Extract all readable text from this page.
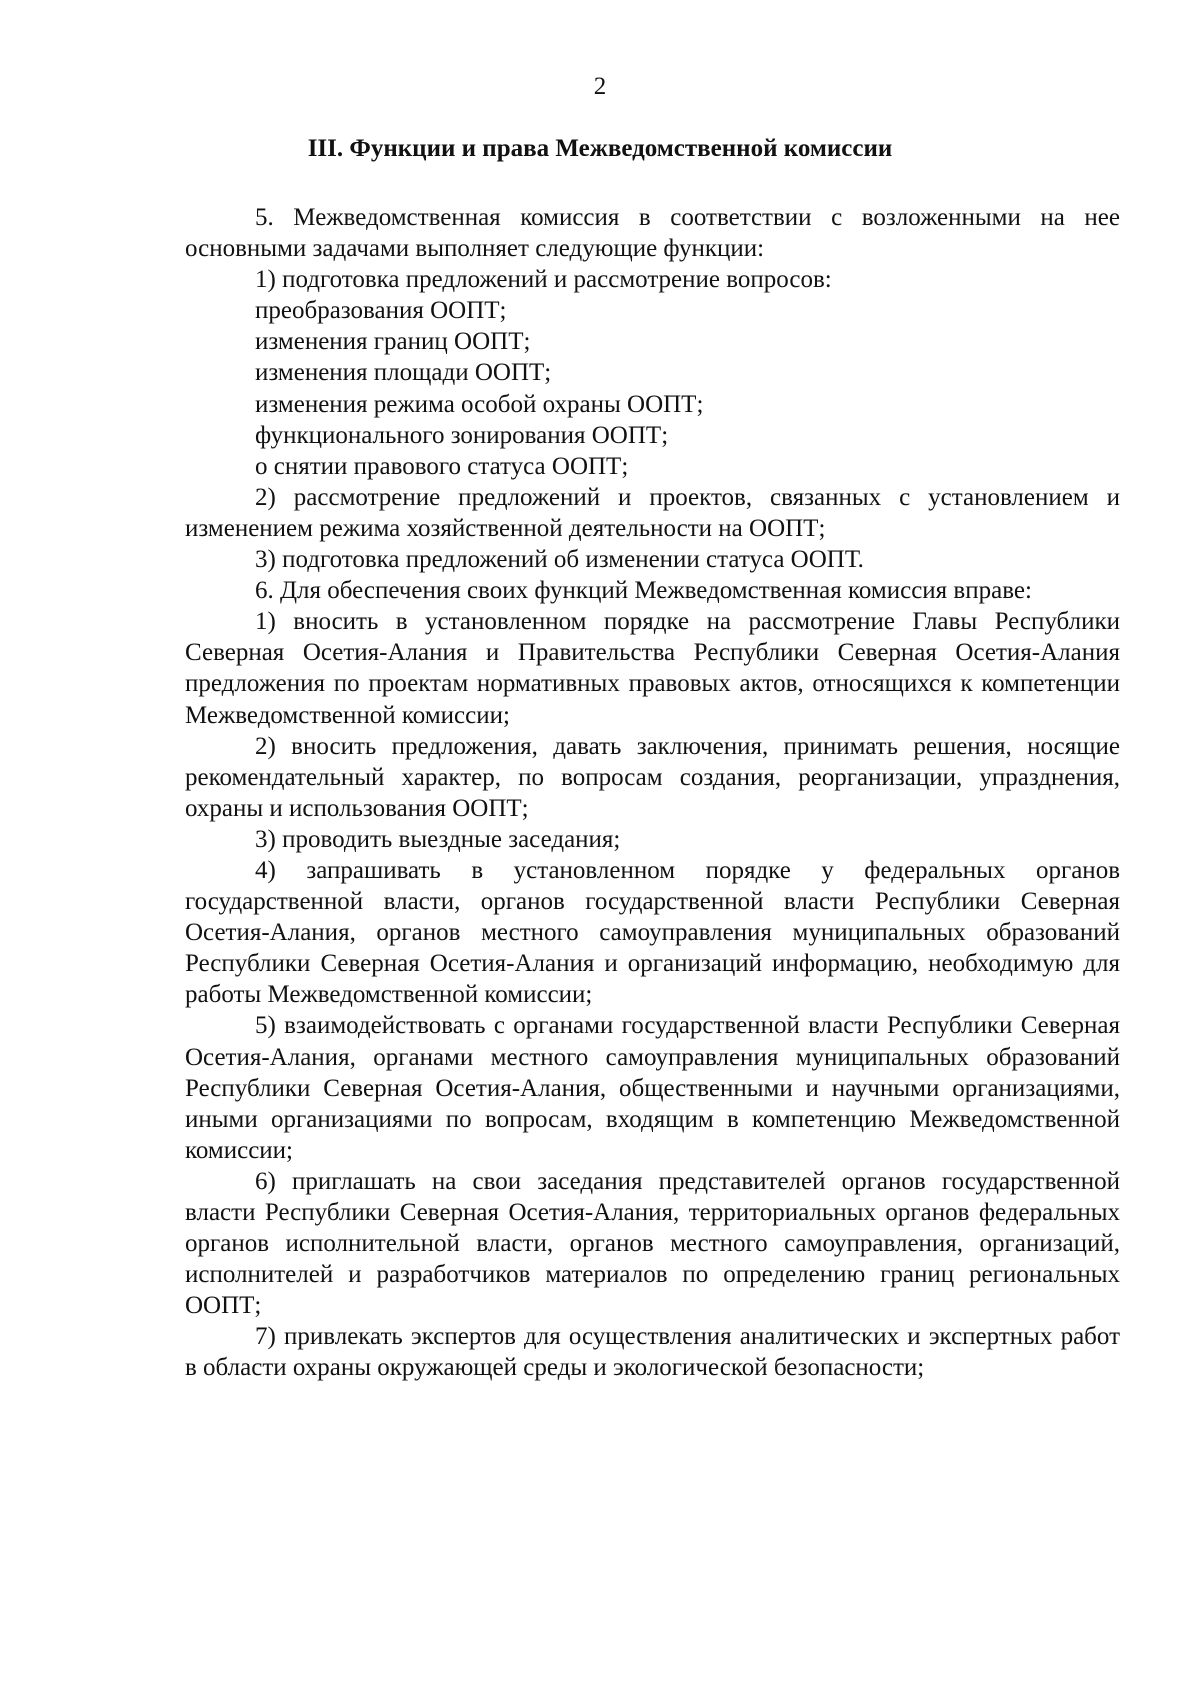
2
III. Функции и права Межведомственной комиссии

5. Межведомственная комиссия в соответствии с возложенными на нее основными задачами выполняет следующие функции:

1) подготовка предложений и рассмотрение вопросов:

преобразования ООПТ;

изменения границ ООПТ;

изменения площади ООПТ;

изменения режима особой охраны ООПТ;

функционального зонирования ООПТ;

о снятии правового статуса ООПТ;

2) рассмотрение предложений и проектов, связанных с установлением и изменением режима хозяйственной деятельности на ООПТ;

3) подготовка предложений об изменении статуса ООПТ.

6. Для обеспечения своих функций Межведомственная комиссия вправе:

1) вносить в установленном порядке на рассмотрение Главы Республики Северная Осетия-Алания и Правительства Республики Северная Осетия-Алания предложения по проектам нормативных правовых актов, относящихся к компетенции Межведомственной комиссии;

2) вносить предложения, давать заключения, принимать решения, носящие рекомендательный характер, по вопросам создания, реорганизации, упразднения, охраны и использования ООПТ;

3) проводить выездные заседания;

4) запрашивать в установленном порядке у федеральных органов государственной власти, органов государственной власти Республики Северная Осетия-Алания, органов местного самоуправления муниципальных образований Республики Северная Осетия-Алания и организаций информацию, необходимую для работы Межведомственной комиссии;

5) взаимодействовать с органами государственной власти Республики Северная Осетия-Алания, органами местного самоуправления муниципальных образований Республики Северная Осетия-Алания, общественными и научными организациями, иными организациями по вопросам, входящим в компетенцию Межведомственной комиссии;

6) приглашать на свои заседания представителей органов государственной власти Республики Северная Осетия-Алания, территориальных органов федеральных органов исполнительной власти, органов местного самоуправления, организаций, исполнителей и разработчиков материалов по определению границ региональных ООПТ;

7) привлекать экспертов для осуществления аналитических и экспертных работ в области охраны окружающей среды и экологической безопасности;
